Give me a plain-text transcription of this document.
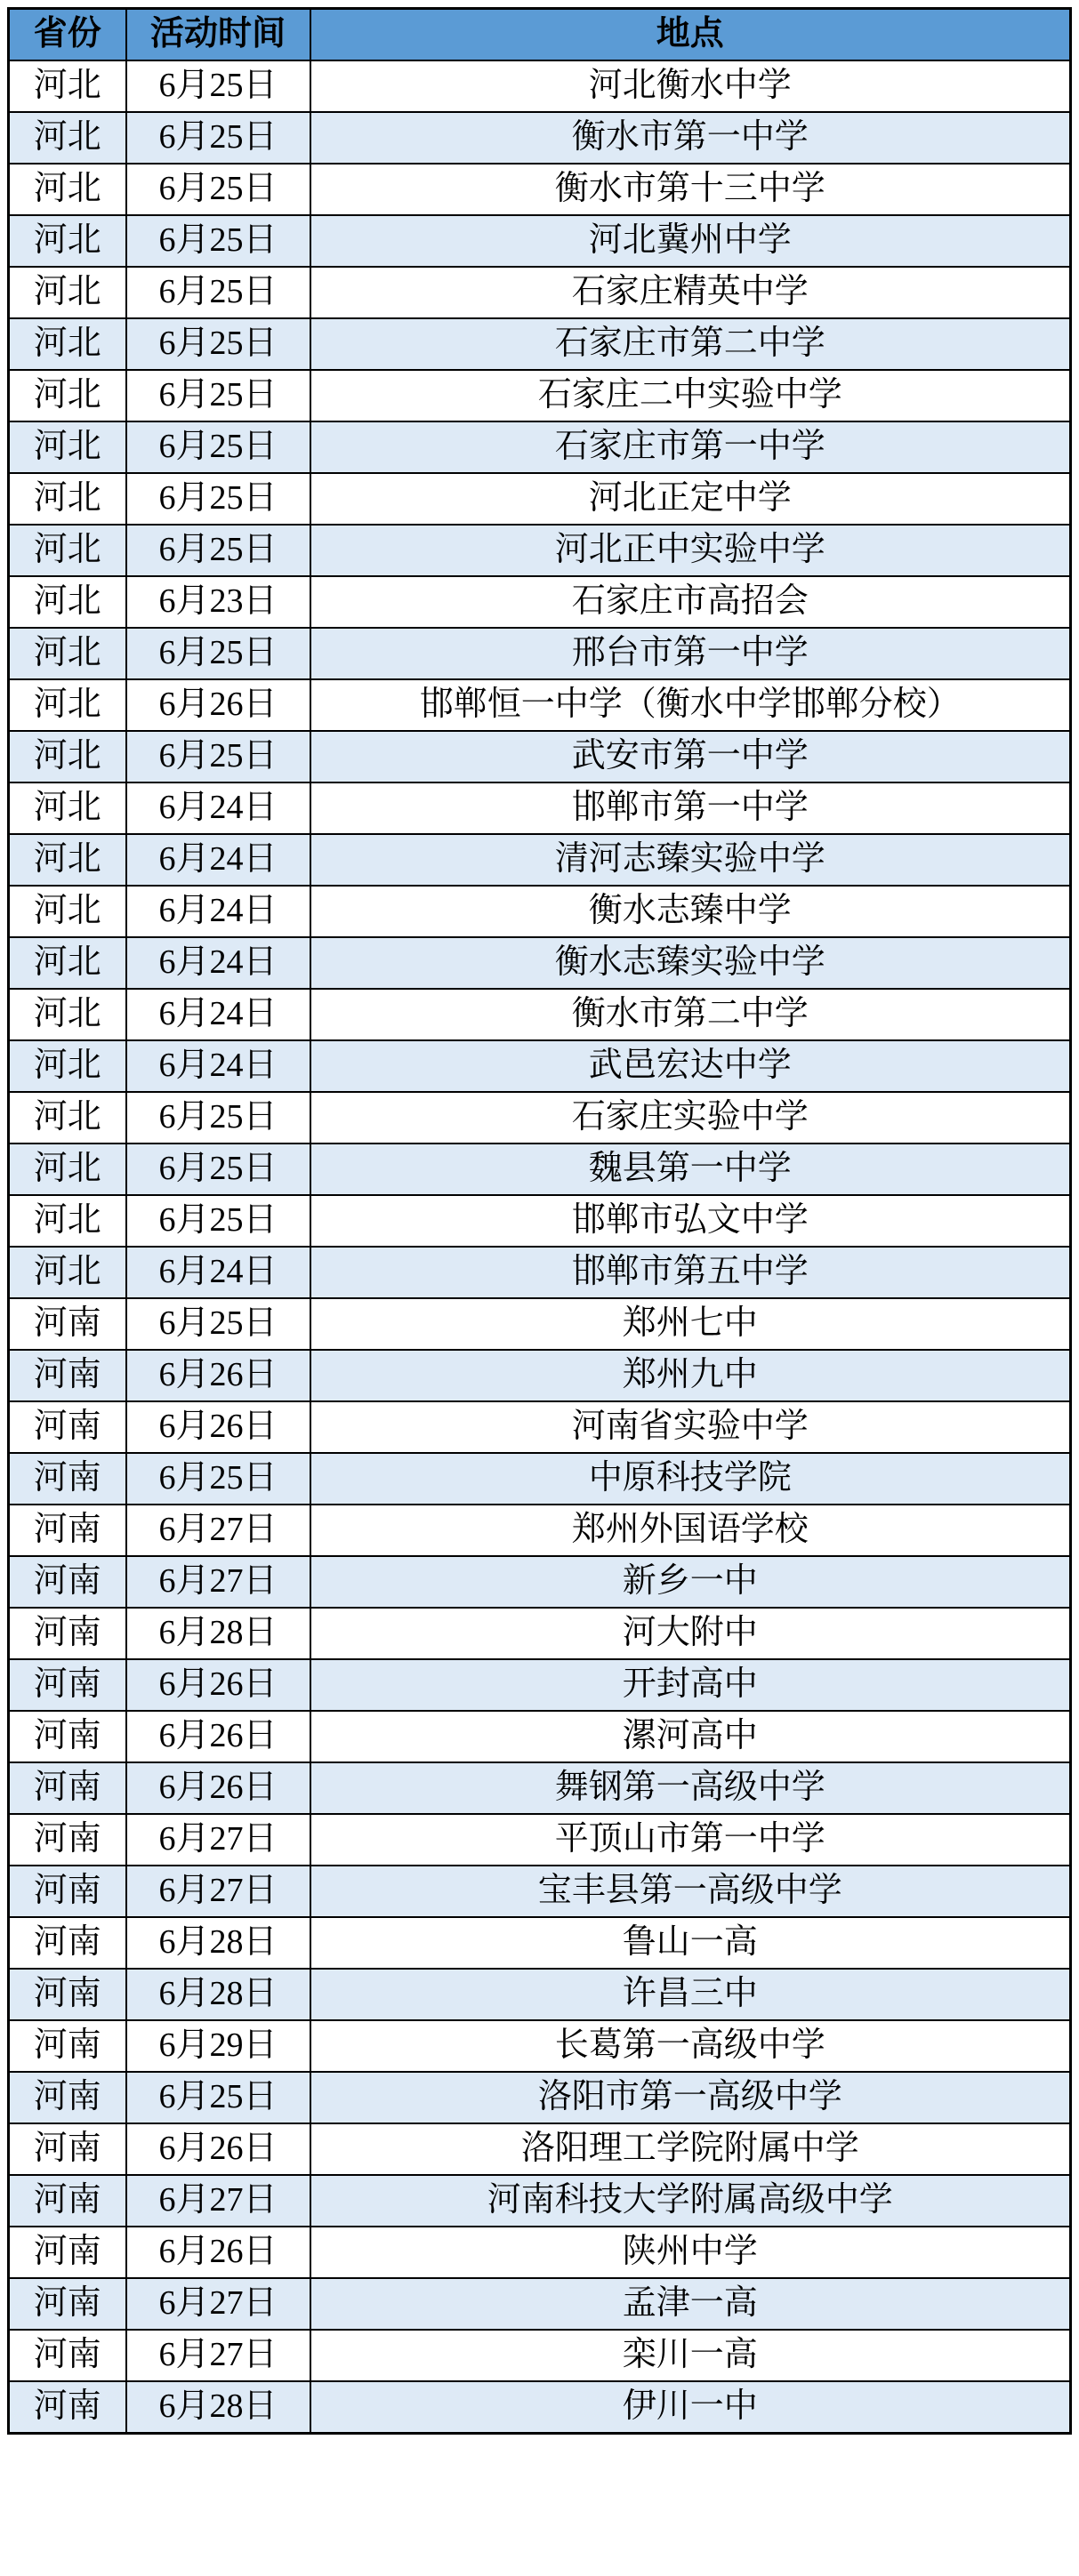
省份	活动时间	地点
河北	6月25日	河北衡水中学
河北	6月25日	衡水市第一中学
河北	6月25日	衡水市第十三中学
河北	6月25日	河北冀州中学
河北	6月25日	石家庄精英中学
河北	6月25日	石家庄市第二中学
河北	6月25日	石家庄二中实验中学
河北	6月25日	石家庄市第一中学
河北	6月25日	河北正定中学
河北	6月25日	河北正中实验中学
河北	6月23日	石家庄市高招会
河北	6月25日	邢台市第一中学
河北	6月26日	邯郸恒一中学（衡水中学邯郸分校）
河北	6月25日	武安市第一中学
河北	6月24日	邯郸市第一中学
河北	6月24日	清河志臻实验中学
河北	6月24日	衡水志臻中学
河北	6月24日	衡水志臻实验中学
河北	6月24日	衡水市第二中学
河北	6月24日	武邑宏达中学
河北	6月25日	石家庄实验中学
河北	6月25日	魏县第一中学
河北	6月25日	邯郸市弘文中学
河北	6月24日	邯郸市第五中学
河南	6月25日	郑州七中
河南	6月26日	郑州九中
河南	6月26日	河南省实验中学
河南	6月25日	中原科技学院
河南	6月27日	郑州外国语学校
河南	6月27日	新乡一中
河南	6月28日	河大附中
河南	6月26日	开封高中
河南	6月26日	漯河高中
河南	6月26日	舞钢第一高级中学
河南	6月27日	平顶山市第一中学
河南	6月27日	宝丰县第一高级中学
河南	6月28日	鲁山一高
河南	6月28日	许昌三中
河南	6月29日	长葛第一高级中学
河南	6月25日	洛阳市第一高级中学
河南	6月26日	洛阳理工学院附属中学
河南	6月27日	河南科技大学附属高级中学
河南	6月26日	陕州中学
河南	6月27日	孟津一高
河南	6月27日	栾川一高
河南	6月28日	伊川一中
